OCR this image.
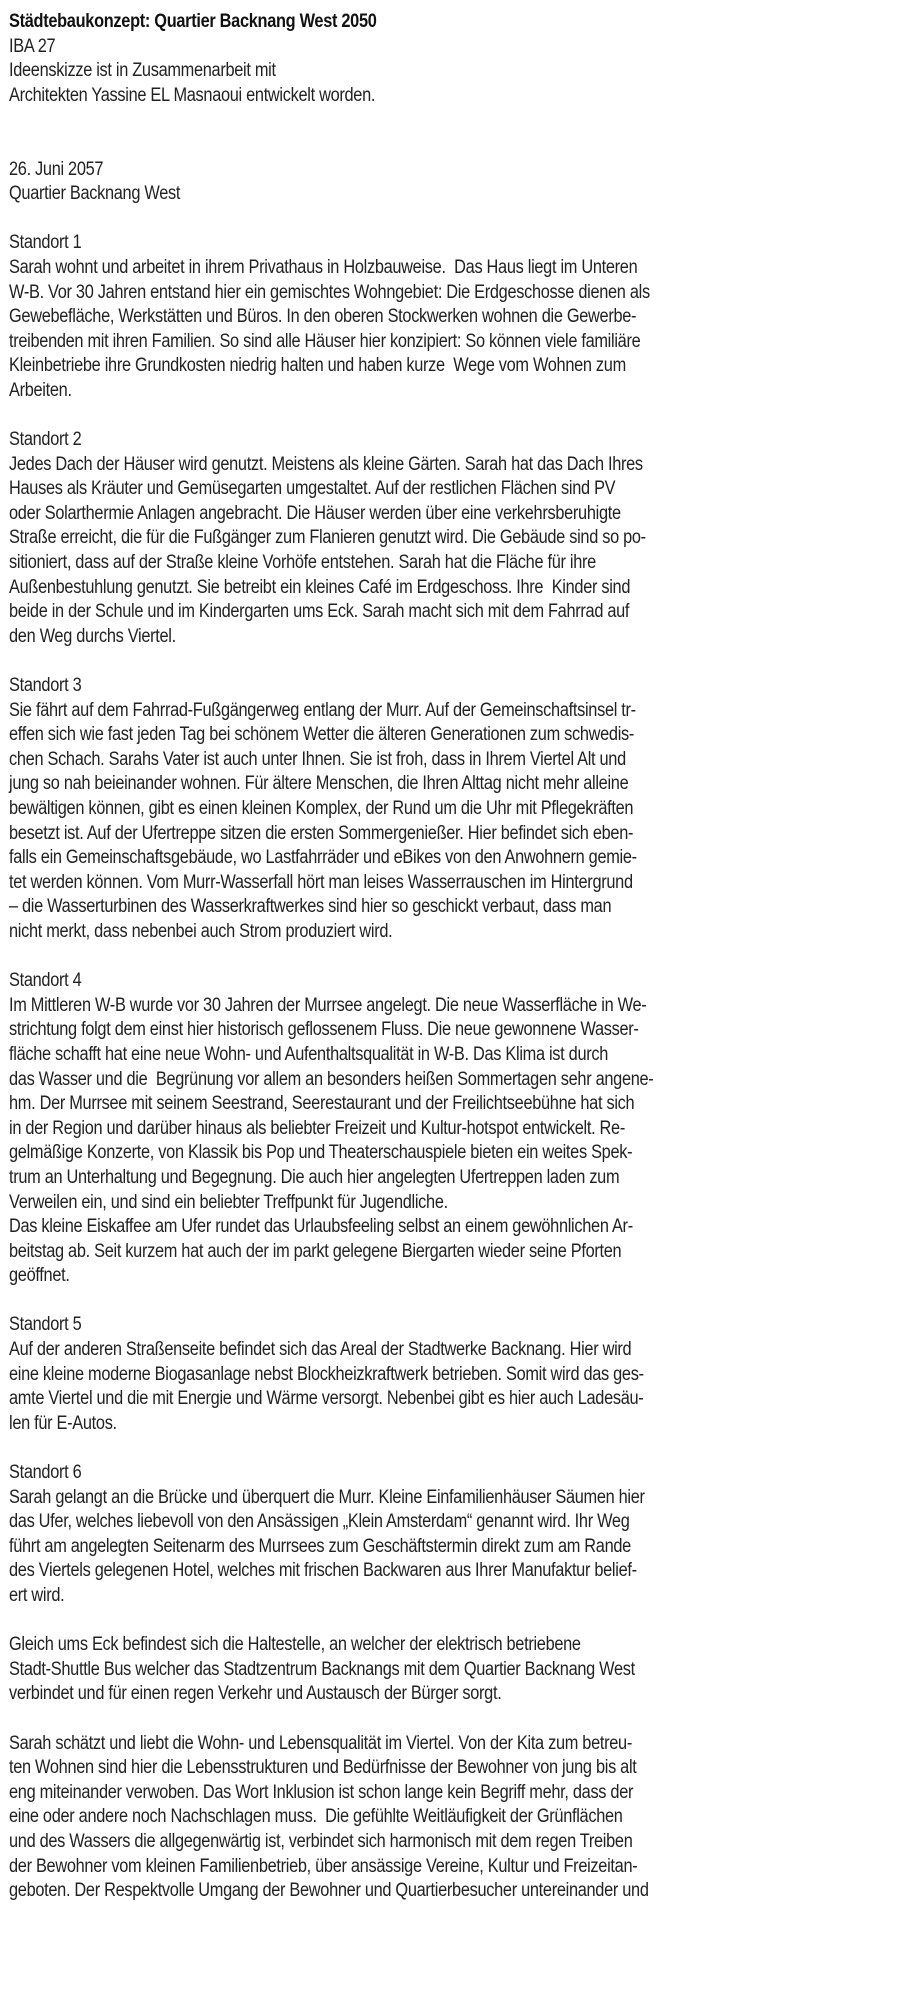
Städtebaukonzept: Quartier Backnang West 2050
IBA 27
Ideenskizze ist in Zusammenarbeit mit
Architekten Yassine EL Masnaoui entwickelt worden.
26. Juni 2057
Quartier Backnang West
Standort 1
Sarah wohnt und arbeitet in ihrem Privathaus in Holzbauweise.  Das Haus liegt im Unteren
W-B. Vor 30 Jahren entstand hier ein gemischtes Wohngebiet: Die Erdgeschosse dienen als
Gewebefläche, Werkstätten und Büros. In den oberen Stockwerken wohnen die Gewerbe-
treibenden mit ihren Familien. So sind alle Häuser hier konzipiert: So können viele familiäre
Kleinbetriebe ihre Grundkosten niedrig halten und haben kurze  Wege vom Wohnen zum
Arbeiten.
Standort 2
Jedes Dach der Häuser wird genutzt. Meistens als kleine Gärten. Sarah hat das Dach Ihres
Hauses als Kräuter und Gemüsegarten umgestaltet. Auf der restlichen Flächen sind PV
oder Solarthermie Anlagen angebracht. Die Häuser werden über eine verkehrsberuhigte
Straße erreicht, die für die Fußgänger zum Flanieren genutzt wird. Die Gebäude sind so po-
sitioniert, dass auf der Straße kleine Vorhöfe entstehen. Sarah hat die Fläche für ihre
Außenbestuhlung genutzt. Sie betreibt ein kleines Café im Erdgeschoss. Ihre  Kinder sind
beide in der Schule und im Kindergarten ums Eck. Sarah macht sich mit dem Fahrrad auf
den Weg durchs Viertel.
Standort 3
Sie fährt auf dem Fahrrad-Fußgängerweg entlang der Murr. Auf der Gemeinschaftsinsel tr-
effen sich wie fast jeden Tag bei schönem Wetter die älteren Generationen zum schwedis-
chen Schach. Sarahs Vater ist auch unter Ihnen. Sie ist froh, dass in Ihrem Viertel Alt und
jung so nah beieinander wohnen. Für ältere Menschen, die Ihren Alttag nicht mehr alleine
bewältigen können, gibt es einen kleinen Komplex, der Rund um die Uhr mit Pflegekräften
besetzt ist. Auf der Ufertreppe sitzen die ersten Sommergenießer. Hier befindet sich eben-
falls ein Gemeinschaftsgebäude, wo Lastfahrräder und eBikes von den Anwohnern gemie-
tet werden können. Vom Murr-Wasserfall hört man leises Wasserrauschen im Hintergrund
– die Wasserturbinen des Wasserkraftwerkes sind hier so geschickt verbaut, dass man
nicht merkt, dass nebenbei auch Strom produziert wird.
Standort 4
Im Mittleren W-B wurde vor 30 Jahren der Murrsee angelegt. Die neue Wasserfläche in We-
strichtung folgt dem einst hier historisch geflossenem Fluss. Die neue gewonnene Wasser-
fläche schafft hat eine neue Wohn- und Aufenthaltsqualität in W-B. Das Klima ist durch
das Wasser und die  Begrünung vor allem an besonders heißen Sommertagen sehr angene-
hm. Der Murrsee mit seinem Seestrand, Seerestaurant und der Freilichtseebühne hat sich
in der Region und darüber hinaus als beliebter Freizeit und Kultur-hotspot entwickelt. Re-
gelmäßige Konzerte, von Klassik bis Pop und Theaterschauspiele bieten ein weites Spek-
trum an Unterhaltung und Begegnung. Die auch hier angelegten Ufertreppen laden zum
Verweilen ein, und sind ein beliebter Treffpunkt für Jugendliche.
Das kleine Eiskaffee am Ufer rundet das Urlaubsfeeling selbst an einem gewöhnlichen Ar-
beitstag ab. Seit kurzem hat auch der im parkt gelegene Biergarten wieder seine Pforten
geöffnet.
Standort 5
Auf der anderen Straßenseite befindet sich das Areal der Stadtwerke Backnang. Hier wird
eine kleine moderne Biogasanlage nebst Blockheizkraftwerk betrieben. Somit wird das ges-
amte Viertel und die mit Energie und Wärme versorgt. Nebenbei gibt es hier auch Ladesäu-
len für E-Autos.
Standort 6
Sarah gelangt an die Brücke und überquert die Murr. Kleine Einfamilienhäuser Säumen hier
das Ufer, welches liebevoll von den Ansässigen „Klein Amsterdam“ genannt wird. Ihr Weg
führt am angelegten Seitenarm des Murrsees zum Geschäftstermin direkt zum am Rande
des Viertels gelegenen Hotel, welches mit frischen Backwaren aus Ihrer Manufaktur belief-
ert wird.
Gleich ums Eck befindest sich die Haltestelle, an welcher der elektrisch betriebene
Stadt-Shuttle Bus welcher das Stadtzentrum Backnangs mit dem Quartier Backnang West
verbindet und für einen regen Verkehr und Austausch der Bürger sorgt.
Sarah schätzt und liebt die Wohn- und Lebensqualität im Viertel. Von der Kita zum betreu-
ten Wohnen sind hier die Lebensstrukturen und Bedürfnisse der Bewohner von jung bis alt
eng miteinander verwoben. Das Wort Inklusion ist schon lange kein Begriff mehr, dass der
eine oder andere noch Nachschlagen muss.  Die gefühlte Weitläufigkeit der Grünflächen
und des Wassers die allgegenwärtig ist, verbindet sich harmonisch mit dem regen Treiben
der Bewohner vom kleinen Familienbetrieb, über ansässige Vereine, Kultur und Freizeitan-
geboten. Der Respektvolle Umgang der Bewohner und Quartierbesucher untereinander und
